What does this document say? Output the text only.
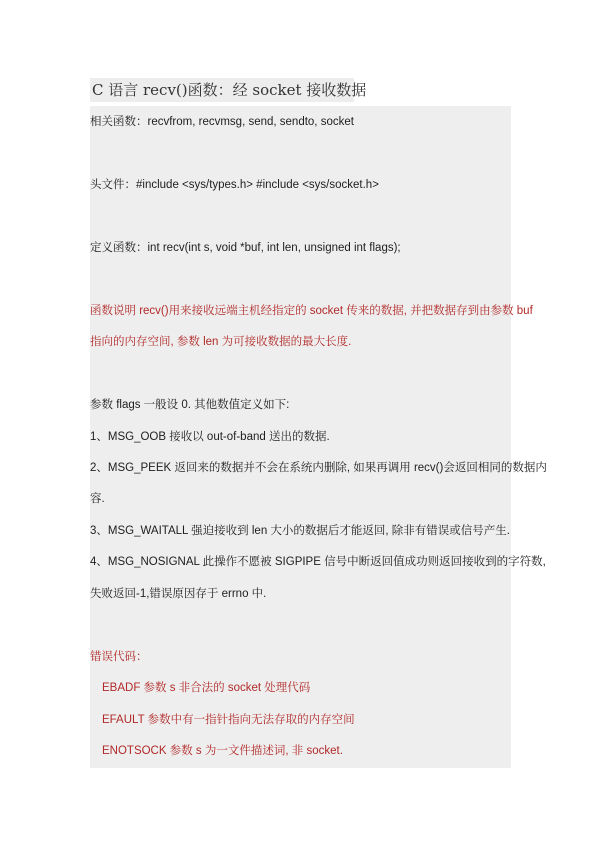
C 语言 recv()函数：经 socket 接收数据
相关函数：recvfrom, recvmsg, send, sendto, socket
头文件：#include <sys/types.h> #include <sys/socket.h>
定义函数：int recv(int s, void *buf, int len, unsigned int flags);
函数说明 recv()用来接收远端主机经指定的 socket 传来的数据, 并把数据存到由参数 buf
指向的内存空间, 参数 len 为可接收数据的最大长度.
参数 flags 一般设 0. 其他数值定义如下:
1、MSG_OOB 接收以 out-of-band 送出的数据.
2、MSG_PEEK 返回来的数据并不会在系统内删除, 如果再调用 recv()会返回相同的数据内
容.
3、MSG_WAITALL 强迫接收到 len 大小的数据后才能返回, 除非有错误或信号产生.
4、MSG_NOSIGNAL 此操作不愿被 SIGPIPE 信号中断返回值成功则返回接收到的字符数,
失败返回-1,错误原因存于 errno 中.
错误代码：
EBADF 参数 s 非合法的 socket 处理代码
EFAULT 参数中有一指针指向无法存取的内存空间
ENOTSOCK 参数 s 为一文件描述词, 非 socket.
